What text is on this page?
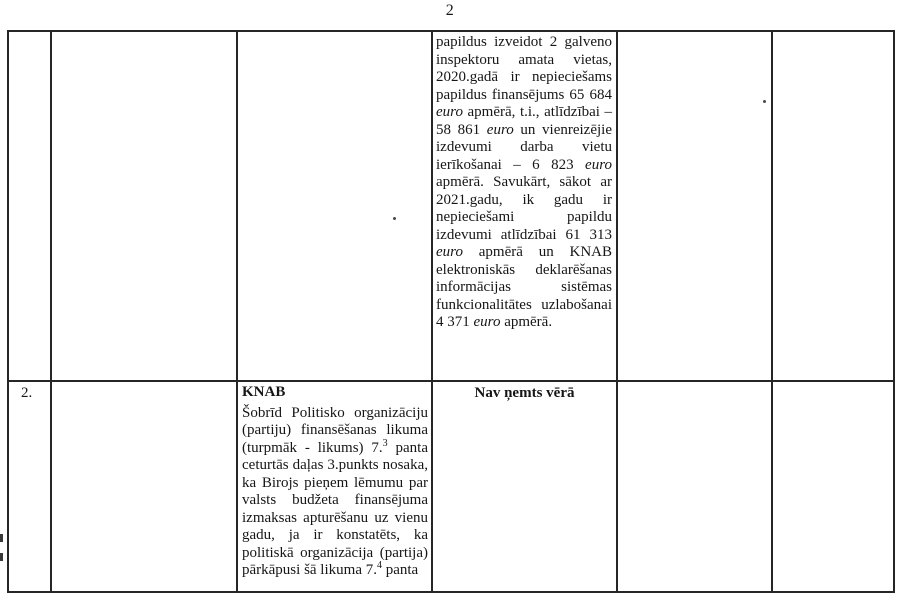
2

			papildus izveidot 2 galveno inspektoru amata vietas, 2020.gadā ir nepieciešams papildus finansējums 65 684 euro apmērā, t.i., atlīdzībai – 58 861 euro un vienreizējie izdevumi darba vietu ierīkošanai – 6 823 euro apmērā. Savukārt, sākot ar 2021.gadu, ik gadu ir nepieciešami papildu izdevumi atlīdzībai 61 313 euro apmērā un KNAB elektroniskās deklarēšanas informācijas sistēmas funkcionalitātes uzlabošanai 4 371 euro apmērā.		

2.		KNAB

Šobrīd Politisko organizāciju (partiju) finansēšanas likuma (turpmāk - likums) 7.$^3$ panta ceturtās daļas 3.punkts nosaka, ka Birojs pieņem lēmumu par valsts budžeta finansējuma izmaksas apturēšanu uz vienu gadu, ja ir konstatēts, ka politiskā organizācija (partija) pārkāpusi šā likuma 7.$^4$ panta	Nav ņemts vērā		
